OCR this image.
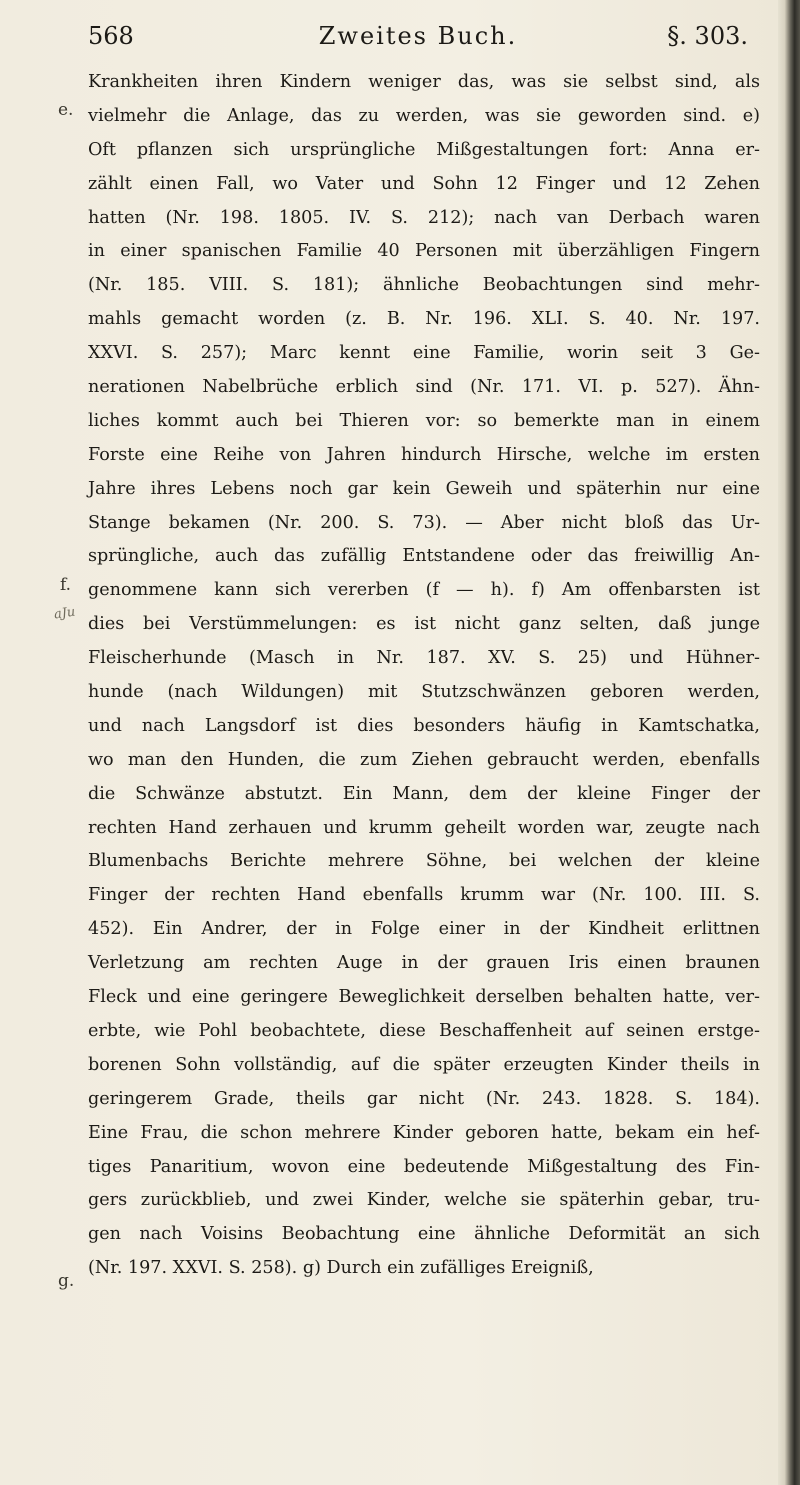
568	Zweites Buch.	§. 303.
e.
f.
g.
aJu
Krankheiten ihren Kindern weniger das, was sie selbst sind, als
vielmehr die Anlage, das zu werden, was sie geworden sind. e)
Oft pflanzen sich ursprüngliche Mißgestaltungen fort: Anna er-
zählt einen Fall, wo Vater und Sohn 12 Finger und 12 Zehen
hatten (Nr. 198. 1805. IV. S. 212); nach van Derbach waren
in einer spanischen Familie 40 Personen mit überzähligen Fingern
(Nr. 185. VIII. S. 181); ähnliche Beobachtungen sind mehr-
mahls gemacht worden (z. B. Nr. 196. XLI. S. 40. Nr. 197.
XXVI. S. 257); Marc kennt eine Familie, worin seit 3 Ge-
nerationen Nabelbrüche erblich sind (Nr. 171. VI. p. 527). Ähn-
liches kommt auch bei Thieren vor: so bemerkte man in einem
Forste eine Reihe von Jahren hindurch Hirsche, welche im ersten
Jahre ihres Lebens noch gar kein Geweih und späterhin nur eine
Stange bekamen (Nr. 200. S. 73). — Aber nicht bloß das Ur-
sprüngliche, auch das zufällig Entstandene oder das freiwillig An-
genommene kann sich vererben (f — h). f) Am offenbarsten ist
dies bei Verstümmelungen: es ist nicht ganz selten, daß junge
Fleischerhunde (Masch in Nr. 187. XV. S. 25) und Hühner-
hunde (nach Wildungen) mit Stutzschwänzen geboren werden,
und nach Langsdorf ist dies besonders häufig in Kamtschatka,
wo man den Hunden, die zum Ziehen gebraucht werden, ebenfalls
die Schwänze abstutzt. Ein Mann, dem der kleine Finger der
rechten Hand zerhauen und krumm geheilt worden war, zeugte nach
Blumenbachs Berichte mehrere Söhne, bei welchen der kleine
Finger der rechten Hand ebenfalls krumm war (Nr. 100. III. S.
452). Ein Andrer, der in Folge einer in der Kindheit erlittnen
Verletzung am rechten Auge in der grauen Iris einen braunen
Fleck und eine geringere Beweglichkeit derselben behalten hatte, ver-
erbte, wie Pohl beobachtete, diese Beschaffenheit auf seinen erstge-
borenen Sohn vollständig, auf die später erzeugten Kinder theils in
geringerem Grade, theils gar nicht (Nr. 243. 1828. S. 184).
Eine Frau, die schon mehrere Kinder geboren hatte, bekam ein hef-
tiges Panaritium, wovon eine bedeutende Mißgestaltung des Fin-
gers zurückblieb, und zwei Kinder, welche sie späterhin gebar, tru-
gen nach Voisins Beobachtung eine ähnliche Deformität an sich
(Nr. 197. XXVI. S. 258). g) Durch ein zufälliges Ereigniß,
